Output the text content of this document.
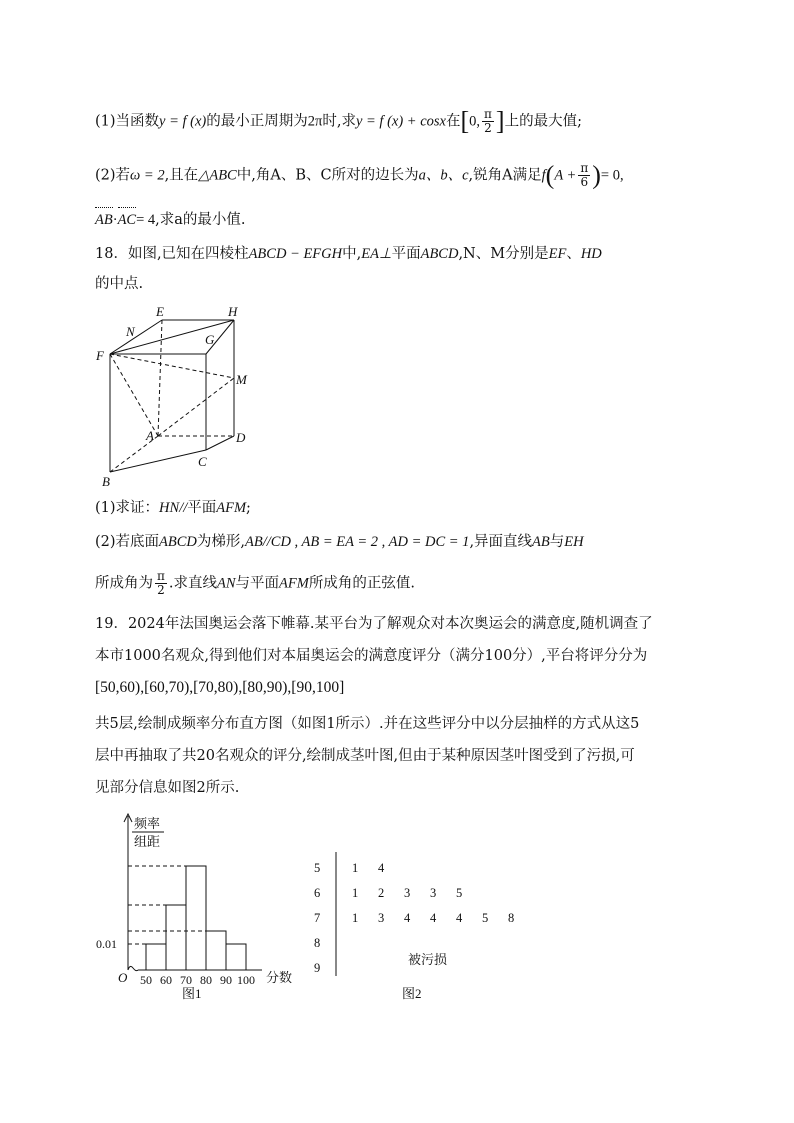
(1)当函数y = f (x)的最小正周期为2π时,求y = f (x) + cosx在[0, $\frac{\pi}{2}$ ]上的最大值;
(2)若ω = 2,且在△ABC中,角A、B、C所对的边长为a、b、c,锐角A满足$f(A + \frac{\pi}{6}$ )= 0,
AB·AC= 4,求a的最小值.
18．如图,已知在四棱柱ABCD − EFGH中,EA⊥平面ABCD,N、M分别是EF、HD
的中点.
E	H
N
G
F
M
A	D
C
B
(1)求证：HN//平面AFM;
(2)若底面ABCD为梯形,AB//CD , AB = EA = 2 , AD = DC = 1,异面直线AB与EH
所成角为 $\frac{\pi}{2}$ .求直线AN与平面AFM所成角的正弦值.
19．2024年法国奥运会落下帷幕.某平台为了解观众对本次奥运会的满意度,随机调查了
本市1000名观众,得到他们对本届奥运会的满意度评分（满分100分）,平台将评分分为
[50,60),[60,70),[70,80),[80,90),[90,100]
共5层,绘制成频率分布直方图（如图1所示）.并在这些评分中以分层抽样的方式从这5
层中再抽取了共20名观众的评分,绘制成茎叶图,但由于某种原因茎叶图受到了污损,可
见部分信息如图2所示.
频率
组距
0.01
O	分数
图1
50 60 70 80 90 100
5	1 4
6	1 2 3 3 5
7	1 3 4 4 4 5 8
8
9
被污损
图2
